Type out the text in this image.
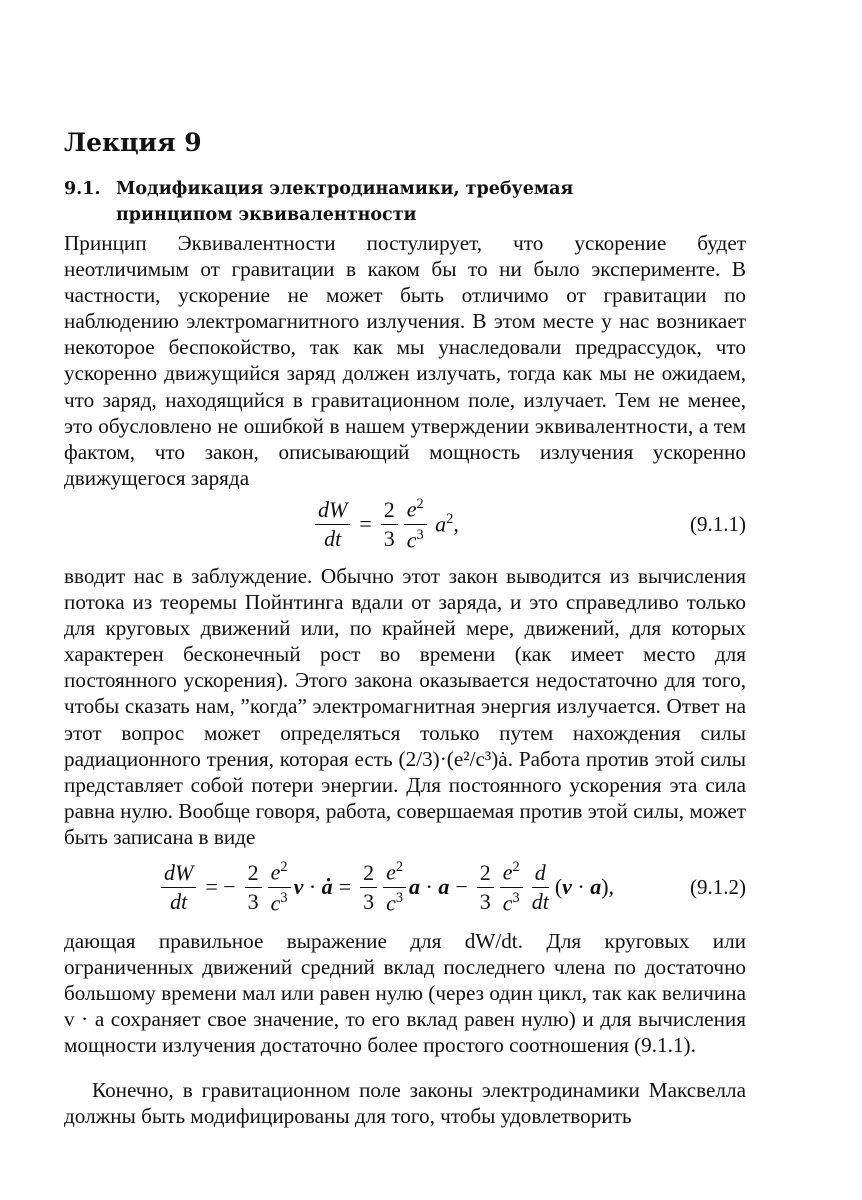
Лекция 9
9.1. Модификация электродинамики, требуемая
принципом эквивалентности
Принцип Эквивалентности постулирует, что ускорение будет неотличимым от гравитации в каком бы то ни было эксперименте. В частности, ускорение не может быть отличимо от гравитации по наблюдению электромагнитного излучения. В этом месте у нас возникает некоторое беспокойство, так как мы унаследовали предрассудок, что ускоренно движущийся заряд должен излучать, тогда как мы не ожидаем, что заряд, находящийся в гравитационном поле, излучает. Тем не менее, это обусловлено не ошибкой в нашем утверждении эквивалентности, а тем фактом, что закон, описывающий мощность излучения ускоренно движущегося заряда
$\frac{dW}{dt} = \frac{2}{3} \frac{e^2}{c^3} a^2$,	(9.1.1)
вводит нас в заблуждение. Обычно этот закон выводится из вычисления потока из теоремы Пойнтинга вдали от заряда, и это справедливо только для круговых движений или, по крайней мере, движений, для которых характерен бесконечный рост во времени (как имеет место для постоянного ускорения). Этого закона оказывается недостаточно для того, чтобы сказать нам, ”когда” электромагнитная энергия излучается. Ответ на этот вопрос может определяться только путем нахождения силы радиационного трения, которая есть (2/3)·(e²/c³)ȧ. Работа против этой силы представляет собой потери энергии. Для постоянного ускорения эта сила равна нулю. Вообще говоря, работа, совершаемая против этой силы, может быть записана в виде
$\frac{dW}{dt}$ = − $\frac{2}{3} \frac{e^2}{c^3}$ v · ȧ = $\frac{2}{3} \frac{e^2}{c^3}$ $a \cdot a - \frac{2}{3} \frac{e^2}{c^3} \frac{d}{dt} (v \cdot a)$,	(9.1.2)
дающая правильное выражение для dW/dt. Для круговых или ограниченных движений средний вклад последнего члена по достаточно большому времени мал или равен нулю (через один цикл, так как величина v · a сохраняет свое значение, то его вклад равен нулю) и для вычисления мощности излучения достаточно более простого соотношения (9.1.1).
Конечно, в гравитационном поле законы электродинамики Максвелла должны быть модифицированы для того, чтобы удовлетворить
